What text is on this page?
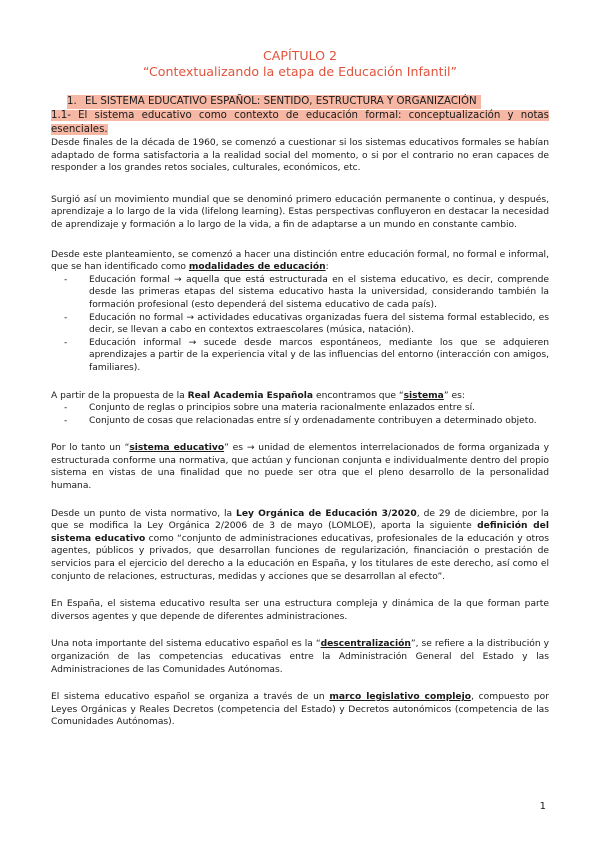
CAPÍTULO 2
“Contextualizando la etapa de Educación Infantil”
1. EL SISTEMA EDUCATIVO ESPAÑOL: SENTIDO, ESTRUCTURA Y ORGANIZACIÓN
1.1- El sistema educativo como contexto de educación formal: conceptualización y notas esenciales.

Desde finales de la década de 1960, se comenzó a cuestionar si los sistemas educativos formales se habían adaptado de forma satisfactoria a la realidad social del momento, o si por el contrario no eran capaces de responder a los grandes retos sociales, culturales, económicos, etc.

Surgió así un movimiento mundial que se denominó primero educación permanente o continua, y después, aprendizaje a lo largo de la vida (lifelong learning). Estas perspectivas confluyeron en destacar la necesidad de aprendizaje y formación a lo largo de la vida, a fin de adaptarse a un mundo en constante cambio.

Desde este planteamiento, se comenzó a hacer una distinción entre educación formal, no formal e informal, que se han identificado como modalidades de educación:

- Educación formal → aquella que está estructurada en el sistema educativo, es decir, comprende desde las primeras etapas del sistema educativo hasta la universidad, considerando también la formación profesional (esto dependerá del sistema educativo de cada país).
- Educación no formal → actividades educativas organizadas fuera del sistema formal establecido, es decir, se llevan a cabo en contextos extraescolares (música, natación).
- Educación informal → sucede desde marcos espontáneos, mediante los que se adquieren aprendizajes a partir de la experiencia vital y de las influencias del entorno (interacción con amigos, familiares).

A partir de la propuesta de la Real Academia Española encontramos que “sistema” es:

- Conjunto de reglas o principios sobre una materia racionalmente enlazados entre sí.
- Conjunto de cosas que relacionadas entre sí y ordenadamente contribuyen a determinado objeto.

Por lo tanto un “sistema educativo” es → unidad de elementos interrelacionados de forma organizada y estructurada conforme una normativa, que actúan y funcionan conjunta e individualmente dentro del propio sistema en vistas de una finalidad que no puede ser otra que el pleno desarrollo de la personalidad humana.

Desde un punto de vista normativo, la Ley Orgánica de Educación 3/2020, de 29 de diciembre, por la que se modifica la Ley Orgánica 2/2006 de 3 de mayo (LOMLOE), aporta la siguiente definición del sistema educativo como “conjunto de administraciones educativas, profesionales de la educación y otros agentes, públicos y privados, que desarrollan funciones de regularización, financiación o prestación de servicios para el ejercicio del derecho a la educación en España, y los titulares de este derecho, así como el conjunto de relaciones, estructuras, medidas y acciones que se desarrollan al efecto”.

En España, el sistema educativo resulta ser una estructura compleja y dinámica de la que forman parte diversos agentes y que depende de diferentes administraciones.

Una nota importante del sistema educativo español es la “descentralización”, se refiere a la distribución y organización de las competencias educativas entre la Administración General del Estado y las Administraciones de las Comunidades Autónomas.

El sistema educativo español se organiza a través de un marco legislativo complejo, compuesto por Leyes Orgánicas y Reales Decretos (competencia del Estado) y Decretos autonómicos (competencia de las Comunidades Autónomas).

1
